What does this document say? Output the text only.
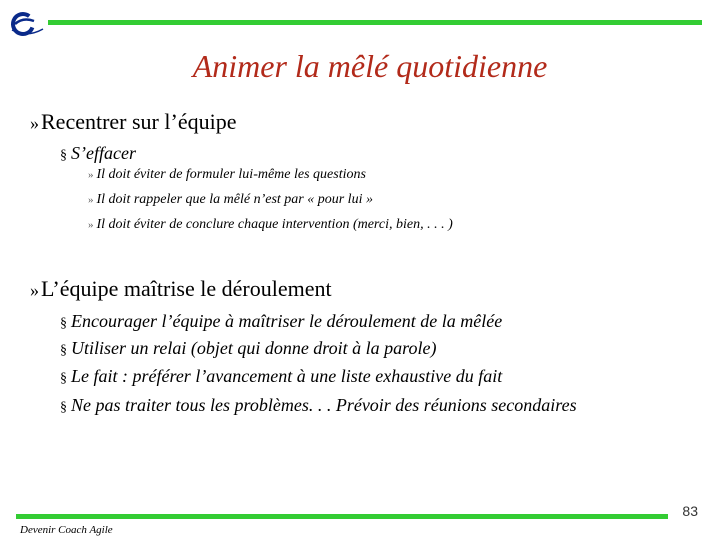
Animer la mêlé quotidienne
»Recentrer sur l’équipe
§ S’effacer
» Il doit éviter de formuler lui-même les questions
» Il doit rappeler que la mêlé n’est par « pour lui »
» Il doit éviter de conclure chaque intervention (merci, bien, . . . )
»L’équipe maîtrise le déroulement
§ Encourager l’équipe à maîtriser le déroulement de la mêlée
§ Utiliser un relai (objet qui donne droit à la parole)
§ Le fait : préférer l’avancement à une liste exhaustive du fait
§ Ne pas traiter tous les problèmes. . . Prévoir des réunions secondaires
83
Devenir Coach Agile
